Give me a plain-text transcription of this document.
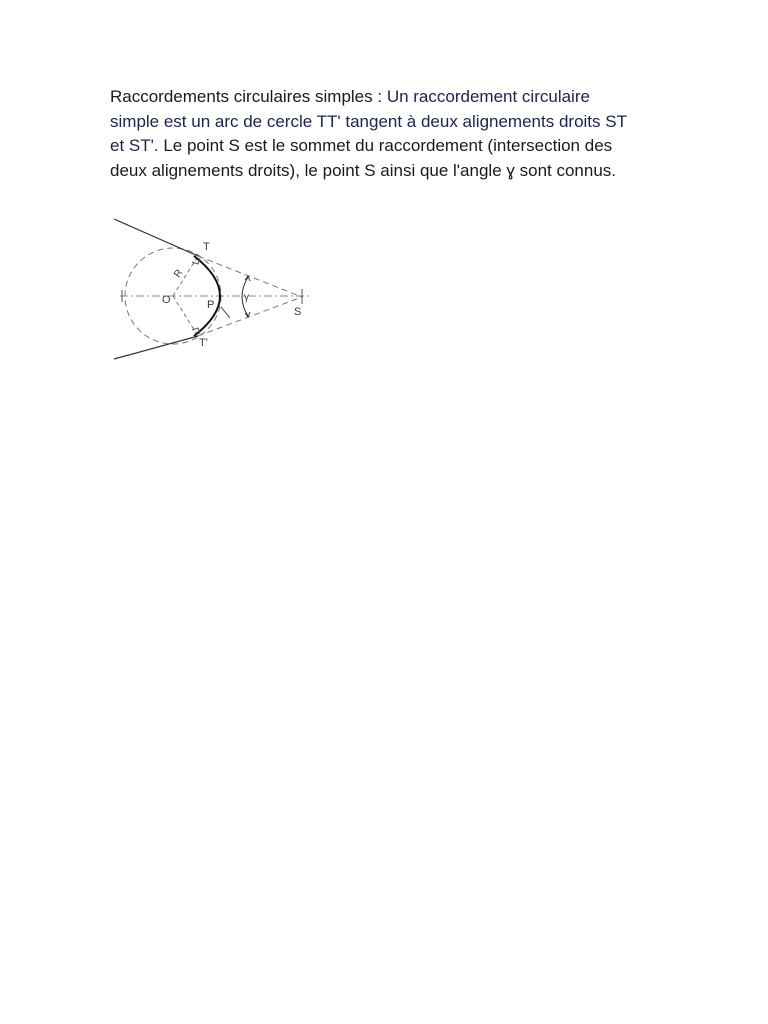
Raccordements circulaires simples : Un raccordement circulaire simple est un arc de cercle TT' tangent à deux alignements droits ST et ST'. Le point S est le sommet du raccordement (intersection des deux alignements droits), le point S ainsi que l'angle ɣ sont connus.

T
T'
S
O	P
R
γ
